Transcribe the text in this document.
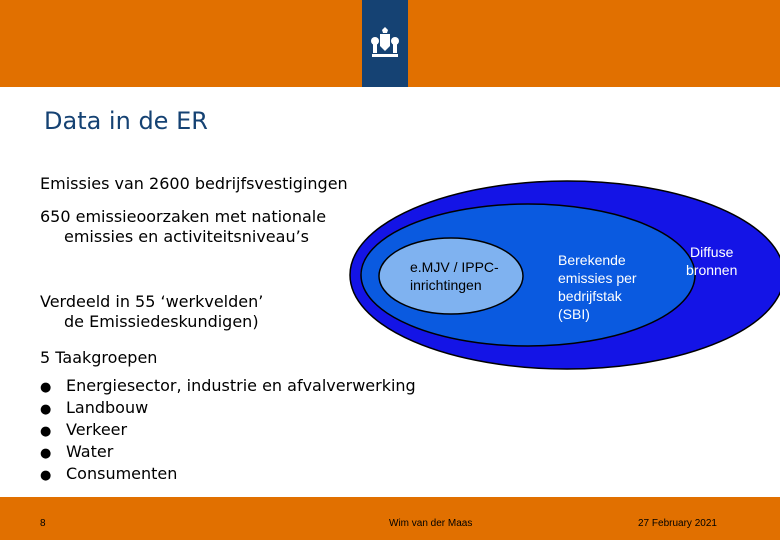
Data in de ER
e.MJV / IPPC-
inrichtingen
Berekende
emissies per
bedrijfstak
(SBI)
Diffuse
bronnen
Emissies van 2600 bedrijfsvestigingen
650 emissieoorzaken met nationale
emissies en activiteitsniveau’s
Verdeeld in 55 ‘werkvelden’
de Emissiedeskundigen)
5 Taakgroepen
● Energiesector, industrie en afvalverwerking
● Landbouw
● Verkeer
● Water
● Consumenten
8	Wim van der Maas	27 February 2021
